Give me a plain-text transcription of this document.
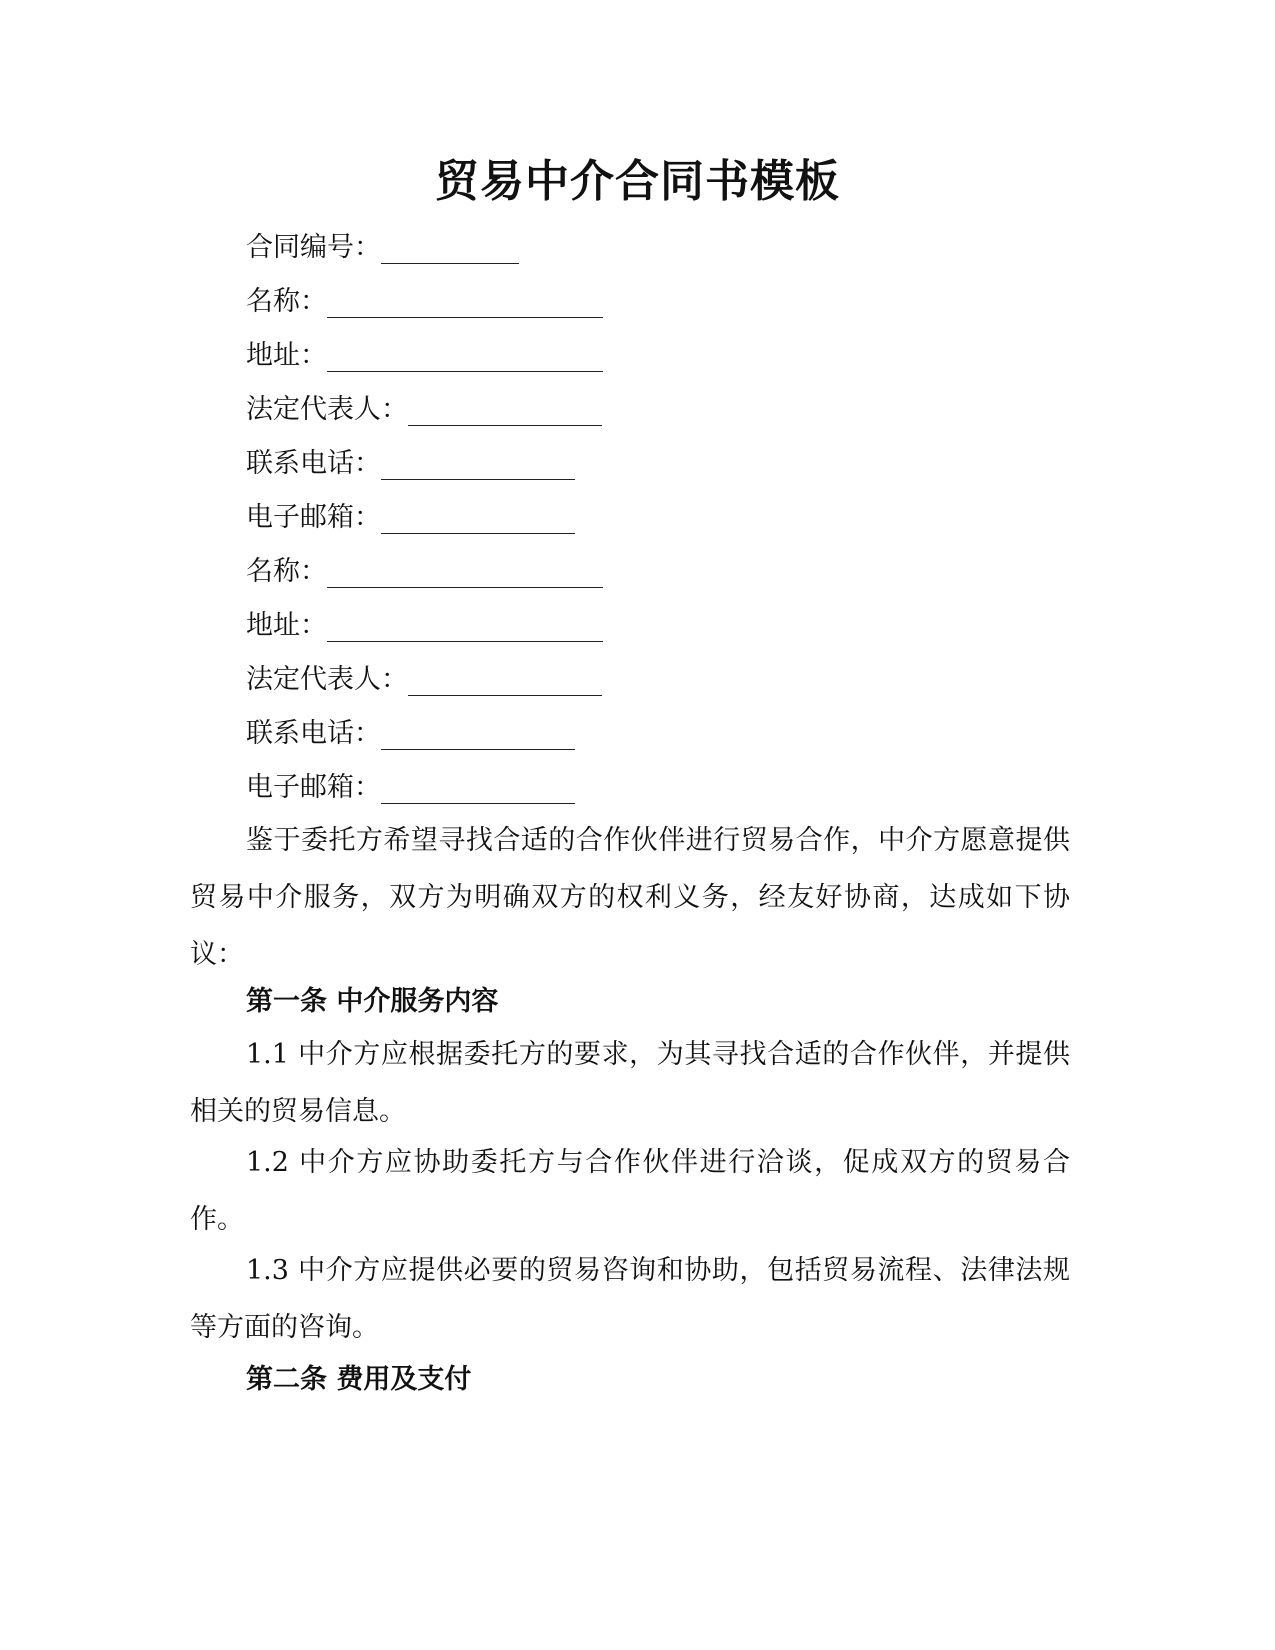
贸易中介合同书模板
合同编号：
名称：
地址：
法定代表人：
联系电话：
电子邮箱：
名称：
地址：
法定代表人：
联系电话：
电子邮箱：
鉴于委托方希望寻找合适的合作伙伴进行贸易合作，中介方愿意提供贸易中介服务，双方为明确双方的权利义务，经友好协商，达成如下协议：
第一条 中介服务内容
1.1 中介方应根据委托方的要求，为其寻找合适的合作伙伴，并提供相关的贸易信息。
1.2 中介方应协助委托方与合作伙伴进行洽谈，促成双方的贸易合作。
1.3 中介方应提供必要的贸易咨询和协助，包括贸易流程、法律法规等方面的咨询。
第二条 费用及支付
